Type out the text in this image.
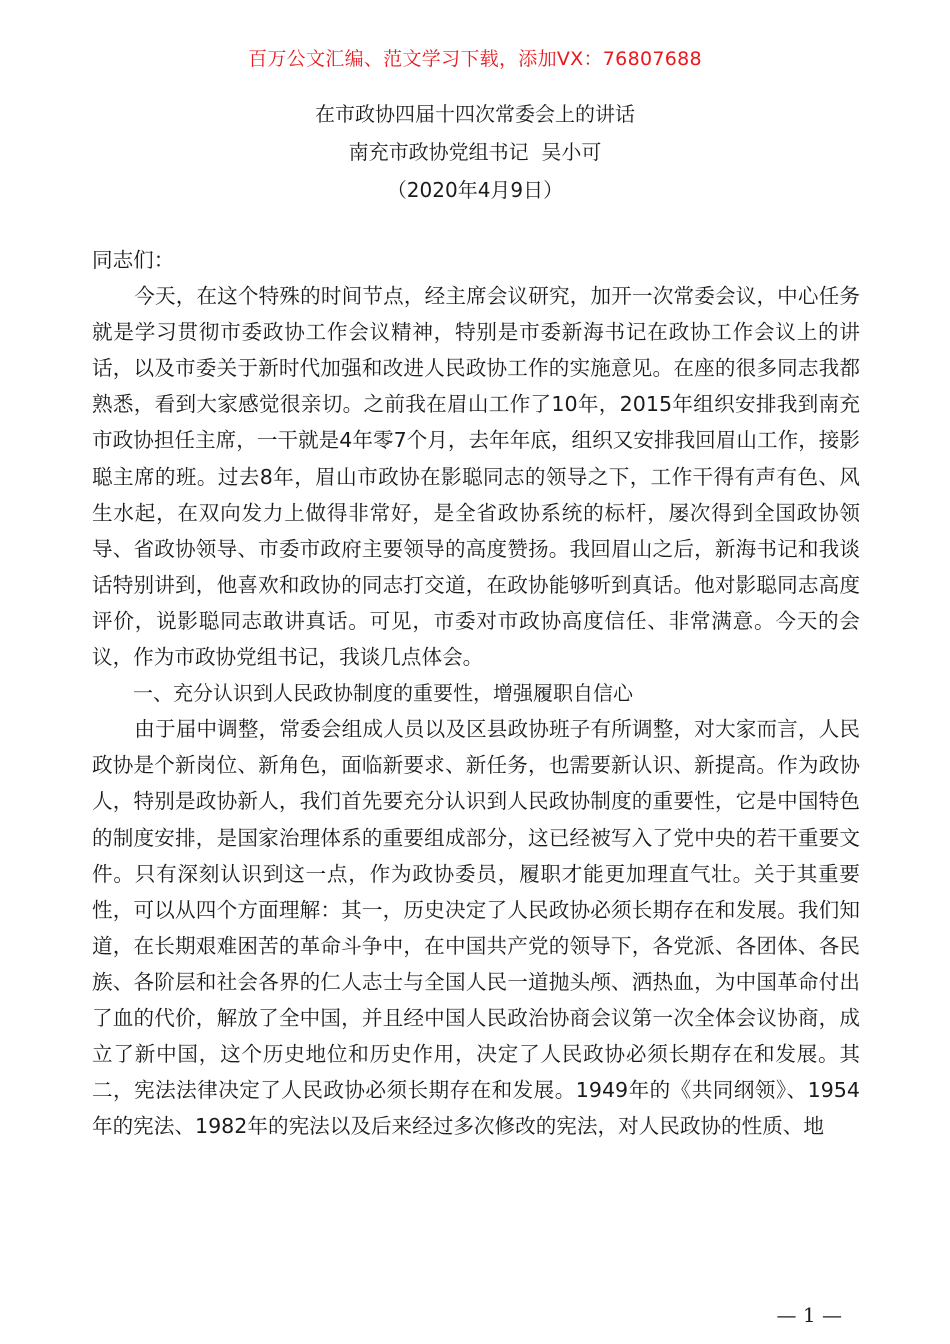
百万公文汇编、范文学习下载，添加VX：76807688
在市政协四届十四次常委会上的讲话
南充市政协党组书记  吴小可
（2020年4月9日）

同志们：

今天，在这个特殊的时间节点，经主席会议研究，加开一次常委会议，中心任务就是学习贯彻市委政协工作会议精神，特别是市委新海书记在政协工作会议上的讲话，以及市委关于新时代加强和改进人民政协工作的实施意见。在座的很多同志我都熟悉，看到大家感觉很亲切。之前我在眉山工作了10年，2015年组织安排我到南充市政协担任主席，一干就是4年零7个月，去年年底，组织又安排我回眉山工作，接影聪主席的班。过去8年，眉山市政协在影聪同志的领导之下，工作干得有声有色、风生水起，在双向发力上做得非常好，是全省政协系统的标杆，屡次得到全国政协领导、省政协领导、市委市政府主要领导的高度赞扬。我回眉山之后，新海书记和我谈话特别讲到，他喜欢和政协的同志打交道，在政协能够听到真话。他对影聪同志高度评价，说影聪同志敢讲真话。可见，市委对市政协高度信任、非常满意。今天的会议，作为市政协党组书记，我谈几点体会。

一、充分认识到人民政协制度的重要性，增强履职自信心

由于届中调整，常委会组成人员以及区县政协班子有所调整，对大家而言，人民政协是个新岗位、新角色，面临新要求、新任务，也需要新认识、新提高。作为政协人，特别是政协新人，我们首先要充分认识到人民政协制度的重要性，它是中国特色的制度安排，是国家治理体系的重要组成部分，这已经被写入了党中央的若干重要文件。只有深刻认识到这一点，作为政协委员，履职才能更加理直气壮。关于其重要性，可以从四个方面理解：其一，历史决定了人民政协必须长期存在和发展。我们知道，在长期艰难困苦的革命斗争中，在中国共产党的领导下，各党派、各团体、各民族、各阶层和社会各界的仁人志士与全国人民一道抛头颅、洒热血，为中国革命付出了血的代价，解放了全中国，并且经中国人民政治协商会议第一次全体会议协商，成立了新中国，这个历史地位和历史作用，决定了人民政协必须长期存在和发展。其二，宪法法律决定了人民政协必须长期存在和发展。1949年的《共同纲领》、1954年的宪法、1982年的宪法以及后来经过多次修改的宪法，对人民政协的性质、地

— 1 —
